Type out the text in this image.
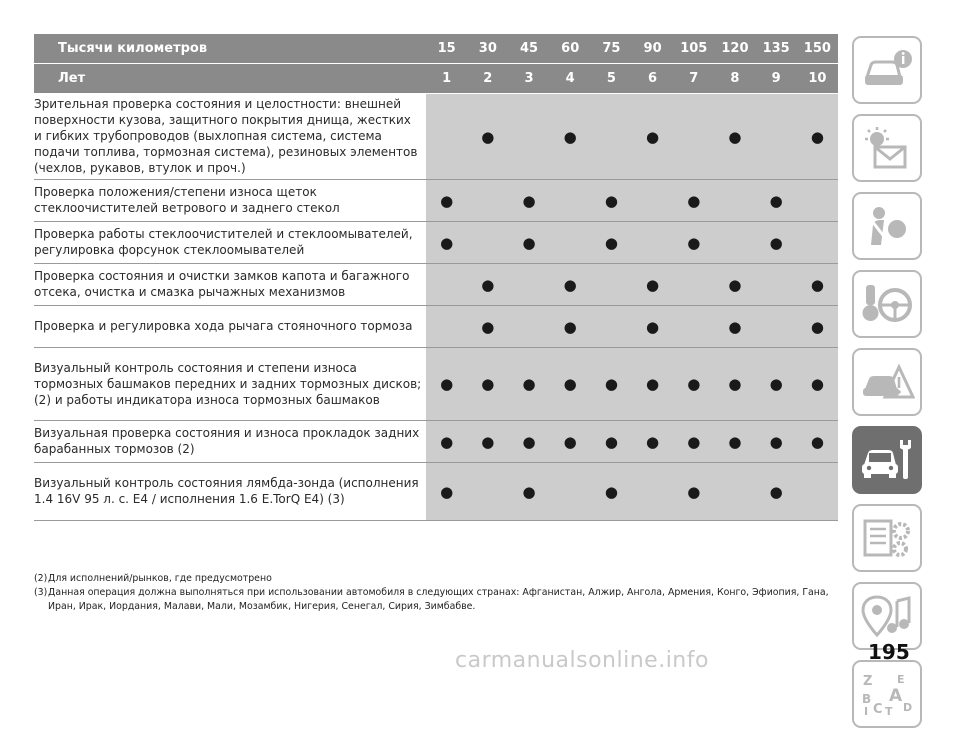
Тысячи километров	15	30	45	60	75	90	105	120	135	150
Лет	1	2	3	4	5	6	7	8	9	10
Зрительная проверка состояния и целостности: внешней поверхности кузова, защитного покрытия днища, жестких и гибких трубопроводов (выхлопная система, система подачи топлива, тормозная система), резиновых элементов (чехлов, рукавов, втулок и проч.)		●		●		●		●		●
Проверка положения/степени износа щеток стеклоочистителей ветрового и заднего стекол	●		●		●		●		●	
Проверка работы стеклоочистителей и стеклоомывателей, регулировка форсунок стеклоомывателей	●		●		●		●		●	
Проверка состояния и очистки замков капота и багажного отсека, очистка и смазка рычажных механизмов		●		●		●		●		●
Проверка и регулировка хода рычага стояночного тормоза		●		●		●		●		●
Визуальный контроль состояния и степени износа тормозных башмаков передних и задних тормозных дисков; (2) и работы индикатора износа тормозных башмаков	●	●	●	●	●	●	●	●	●	●
Визуальная проверка состояния и износа прокладок задних барабанных тормозов (2)	●	●	●	●	●	●	●	●	●	●
Визуальный контроль состояния лямбда-зонда (исполнения 1.4 16V 95 л. с. E4 / исполнения 1.6 E.TorQ E4) (3)	●		●		●		●		●	
(2) Для исполнений/рынков, где предусмотрено
(3) Данная операция должна выполняться при использовании автомобиля в следующих странах: Афганистан, Алжир, Ангола, Армения, Конго, Эфиопия, Гана, Иран, Ирак, Иордания, Малави, Мали, Мозамбик, Нигерия, Сенегал, Сирия, Зимбабве.
Z E
A
B
C D
I T
195
carmanualsonline.info
